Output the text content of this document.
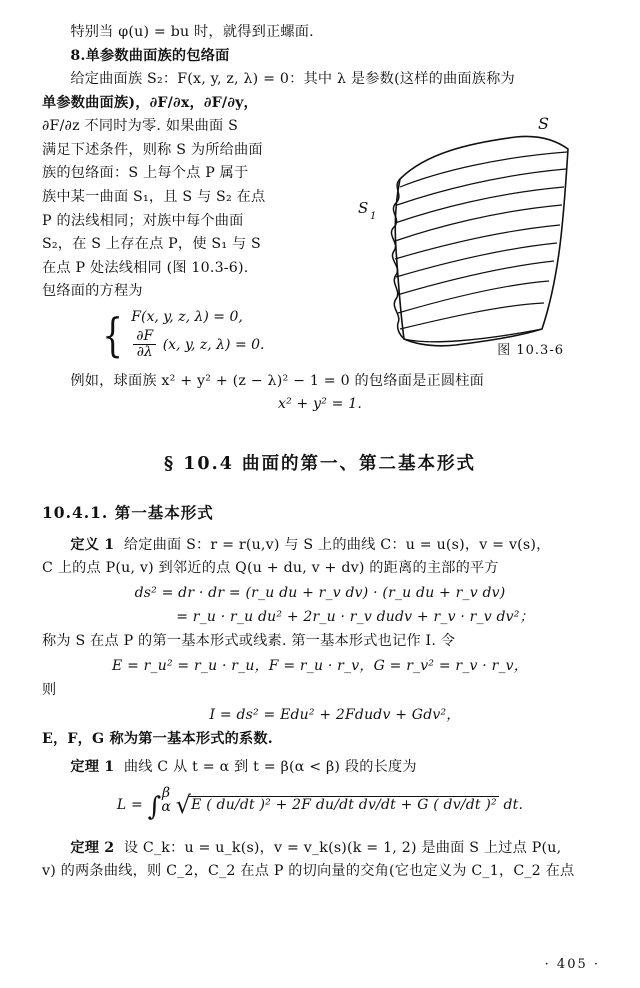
特别当 φ(u) = bu 时，就得到正螺面.

8.单参数曲面族的包络面

S
S 1
图 10.3-6

给定曲面族 S₂：F(x, y, z, λ) = 0：其中 λ 是参数(这样的曲面族称为

单参数曲面族)，∂F/∂x，∂F/∂y，

∂F/∂z 不同时为零. 如果曲面 S

满足下述条件，则称 S 为所给曲面

族的包络面：S 上每个点 P 属于

族中某一曲面 S₁，且 S 与 S₂ 在点

P 的法线相同；对族中每个曲面

S₂，在 S 上存在点 P，使 S₁ 与 S

在点 P 处法线相同 (图 10.3-6).

包络面的方程为

{ F(x, y, z, λ) = 0,
$\frac{\partial F}{\partial\lambda} (x$, y, z, λ) = 0.

例如，球面族 x² + y² + (z − λ)² − 1 = 0 的包络面是正圆柱面

x² + y² = 1.

§ 10.4 曲面的第一、第二基本形式
10.4.1. 第一基本形式

定义 1 给定曲面 S：r = r(u,v) 与 S 上的曲线 C：u = u(s)，v = v(s)，

C 上的点 P(u, v) 到邻近的点 Q(u + du, v + dv) 的距离的主部的平方

ds² = dr · dr = (r_u du + r_v dv) · (r_u du + r_v dv)

= r_u · r_u du² + 2r_u · r_v dudv + r_v · r_v dv²；

称为 S 在点 P 的第一基本形式或线素. 第一基本形式也记作 I. 令

E = r_u² = r_u · r_u，F = r_u · r_v，G = r_v² = r_v · r_v，

则

I = ds² = Edu² + 2Fdudv + Gdv²，

E，F，G 称为第一基本形式的系数.

定理 1 曲线 C 从 t = α 到 t = β(α < β) 段的长度为

L = ∫ β
α √E ( du/dt )² + 2F du/dt dv/dt + G ( dv/dt )² dt.

定理 2 设 C_k：u = u_k(s)，v = v_k(s)(k = 1, 2) 是曲面 S 上过点 P(u,

v) 的两条曲线，则 C_2，C_2 在点 P 的切向量的交角(它也定义为 C_1，C_2 在点

· 405 ·
